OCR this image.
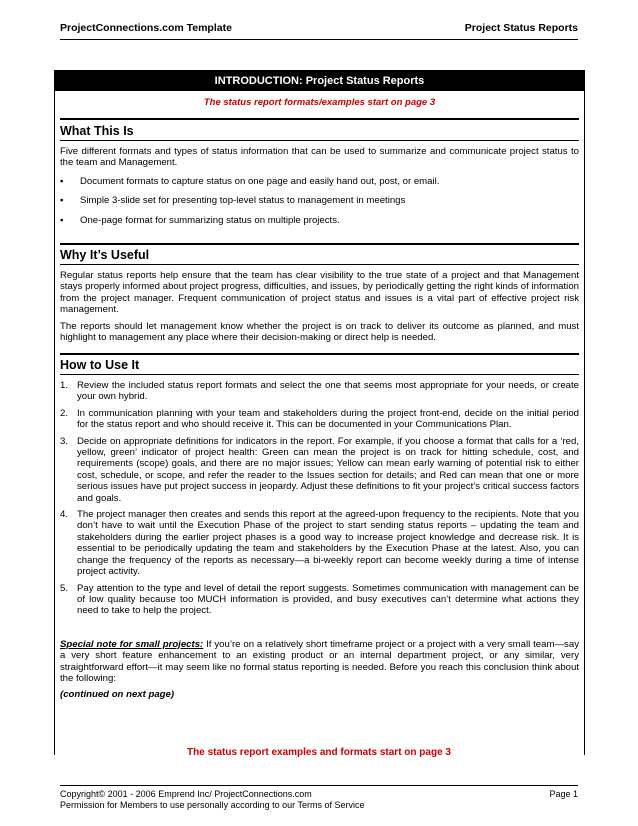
ProjectConnections.com Template	Project Status Reports
INTRODUCTION: Project Status Reports
The status report formats/examples start on page 3
What This Is

Five different formats and types of status information that can be used to summarize and communicate project status to the team and Management.

▪	Document formats to capture status on one page and easily hand out, post, or email.
▪	Simple 3-slide set for presenting top-level status to management in meetings
▪	One-page format for summarizing status on multiple projects.
Why It’s Useful

Regular status reports help ensure that the team has clear visibility to the true state of a project and that Management stays properly informed about project progress, difficulties, and issues, by periodically getting the right kinds of information from the project manager. Frequent communication of project status and issues is a vital part of effective project risk management.

The reports should let management know whether the project is on track to deliver its outcome as planned, and must highlight to management any place where their decision-making or direct help is needed.

How to Use It
1. Review the included status report formats and select the one that seems most appropriate for your needs, or create your own hybrid.
2. In communication planning with your team and stakeholders during the project front-end, decide on the initial period for the status report and who should receive it. This can be documented in your Communications Plan.
3. Decide on appropriate definitions for indicators in the report. For example, if you choose a format that calls for a ‘red, yellow, green’ indicator of project health: Green can mean the project is on track for hitting schedule, cost, and requirements (scope) goals, and there are no major issues; Yellow can mean early warning of potential risk to either cost, schedule, or scope, and refer the reader to the Issues section for details; and Red can mean that one or more serious issues have put project success in jeopardy. Adjust these definitions to fit your project’s critical success factors and goals.
4. The project manager then creates and sends this report at the agreed-upon frequency to the recipients. Note that you don’t have to wait until the Execution Phase of the project to start sending status reports – updating the team and stakeholders during the earlier project phases is a good way to increase project knowledge and decrease risk. It is essential to be periodically updating the team and stakeholders by the Execution Phase at the latest. Also, you can change the frequency of the reports as necessary—a bi-weekly report can become weekly during a time of intense project activity.
5. Pay attention to the type and level of detail the report suggests. Sometimes communication with management can be of low quality because too MUCH information is provided, and busy executives can’t determine what actions they need to take to help the project.

Special note for small projects: If you’re on a relatively short timeframe project or a project with a very small team—say a very short feature enhancement to an existing product or an internal department project, or any similar, very straightforward effort—it may seem like no formal status reporting is needed. Before you reach this conclusion think about the following:

(continued on next page)

The status report examples and formats start on page 3
Copyright© 2001 - 2006 Emprend Inc/ ProjectConnections.com
Permission for Members to use personally according to our Terms of Service
Page 1
